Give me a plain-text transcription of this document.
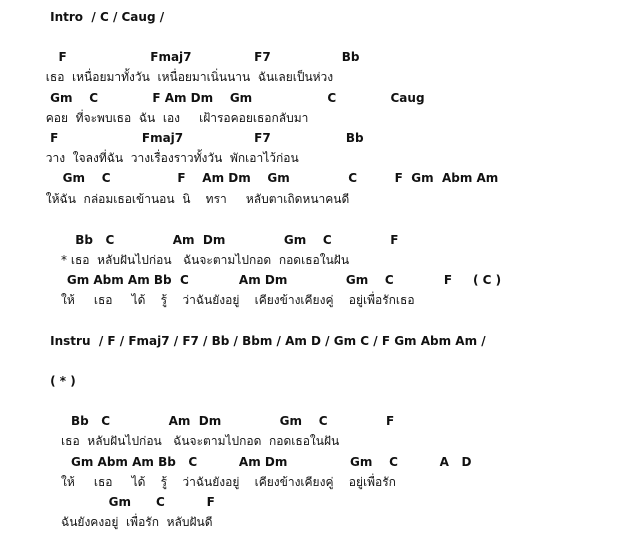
Intro  / C / Caug /
F                    Fmaj7               F7                 Bb
เธอ  เหนื่อยมาทั้งวัน  เหนื่อยมาเนิ่นนาน  ฉันเลยเป็นห่วง
Gm    C             F Am Dm    Gm                  C             Caug
คอย  ที่จะพบเธอ  ฉัน  เอง     เฝ้ารอคอยเธอกลับมา
F                    Fmaj7                 F7                  Bb
วาง  ใจลงที่ฉัน  วางเรื่องราวทั้งวัน  พักเอาไว้ก่อน
Gm    C                F    Am Dm    Gm              C         F  Gm  Abm Am
ให้ฉัน  กล่อมเธอเข้านอน  นิ    ทรา     หลับตาเถิดหนาคนดี
Bb   C              Am  Dm              Gm    C              F
* เธอ  หลับฝันไปก่อน   ฉันจะตามไปกอด  กอดเธอในฝัน
Gm Abm Am Bb  C            Am Dm              Gm    C            F     ( C )
ให้     เธอ     ได้    รู้    ว่าฉันยังอยู่    เคียงข้างเคียงคู่    อยู่เพื่อรักเธอ
Instru  / F / Fmaj7 / F7 / Bb / Bbm / Am D / Gm C / F Gm Abm Am /
( * )
Bb   C              Am  Dm              Gm    C              F
เธอ  หลับฝันไปก่อน   ฉันจะตามไปกอด  กอดเธอในฝัน
Gm Abm Am Bb   C          Am Dm               Gm    C          A   D
ให้     เธอ     ได้    รู้    ว่าฉันยังอยู่    เคียงข้างเคียงคู่    อยู่เพื่อรัก
Gm      C          F
ฉันยังคงอยู่  เพื่อรัก  หลับฝันดี
